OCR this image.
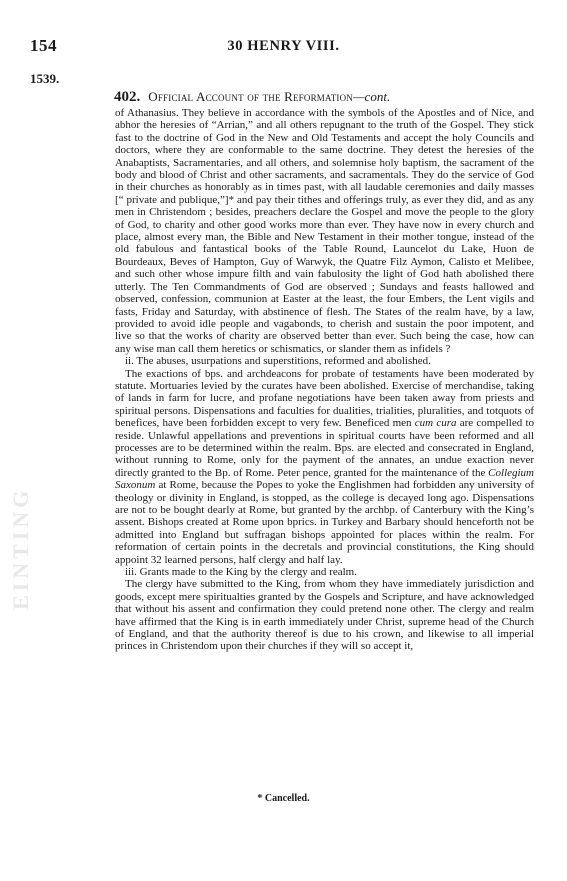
EINTING
154	30 HENRY VIII.
1539.
402. Official Account of the Reformation—cont.

of Athanasius. They believe in accordance with the symbols of the Apostles and of Nice, and abhor the heresies of “Arrian,” and all others repugnant to the truth of the Gospel. They stick fast to the doctrine of God in the New and Old Testaments and accept the holy Councils and doctors, where they are conformable to the same doctrine. They detest the heresies of the Anabaptists, Sacramentaries, and all others, and solemnise holy baptism, the sacrament of the body and blood of Christ and other sacraments, and sacramentals. They do the service of God in their churches as honorably as in times past, with all laudable ceremonies and daily masses [“ private and publique,”]* and pay their tithes and offerings truly, as ever they did, and as any men in Christendom ; besides, preachers declare the Gospel and move the people to the glory of God, to charity and other good works more than ever. They have now in every church and place, almost every man, the Bible and New Testament in their mother tongue, instead of the old fabulous and fantastical books of the Table Round, Launcelot du Lake, Huon de Bourdeaux, Beves of Hampton, Guy of Warwyk, the Quatre Filz Aymon, Calisto et Melibee, and such other whose impure filth and vain fabulosity the light of God hath abolished there utterly. The Ten Commandments of God are observed ; Sundays and feasts hallowed and observed, confession, communion at Easter at the least, the four Embers, the Lent vigils and fasts, Friday and Saturday, with abstinence of flesh. The States of the realm have, by a law, provided to avoid idle people and vagabonds, to cherish and sustain the poor impotent, and live so that the works of charity are observed better than ever. Such being the case, how can any wise man call them heretics or schismatics, or slander them as infidels ?

ii. The abuses, usurpations and superstitions, reformed and abolished.

The exactions of bps. and archdeacons for probate of testaments have been moderated by statute. Mortuaries levied by the curates have been abolished. Exercise of merchandise, taking of lands in farm for lucre, and profane negotiations have been taken away from priests and spiritual persons. Dispensations and faculties for dualities, trialities, pluralities, and totquots of benefices, have been forbidden except to very few. Beneficed men cum cura are compelled to reside. Unlawful appellations and preventions in spiritual courts have been reformed and all processes are to be determined within the realm. Bps. are elected and consecrated in England, without running to Rome, only for the payment of the annates, an undue exaction never directly granted to the Bp. of Rome. Peter pence, granted for the maintenance of the Collegium Saxonum at Rome, because the Popes to yoke the Englishmen had forbidden any university of theology or divinity in England, is stopped, as the college is decayed long ago. Dispensations are not to be bought dearly at Rome, but granted by the archbp. of Canterbury with the King’s assent. Bishops created at Rome upon bprics. in Turkey and Barbary should henceforth not be admitted into England but suffragan bishops appointed for places within the realm. For reformation of certain points in the decretals and provincial constitutions, the King should appoint 32 learned persons, half clergy and half lay.

iii. Grants made to the King by the clergy and realm.

The clergy have submitted to the King, from whom they have immediately jurisdiction and goods, except mere spiritualties granted by the Gospels and Scripture, and have acknowledged that without his assent and confirmation they could pretend none other. The clergy and realm have affirmed that the King is in earth immediately under Christ, supreme head of the Church of England, and that the authority thereof is due to his crown, and likewise to all imperial princes in Christendom upon their churches if they will so accept it,

* Cancelled.
